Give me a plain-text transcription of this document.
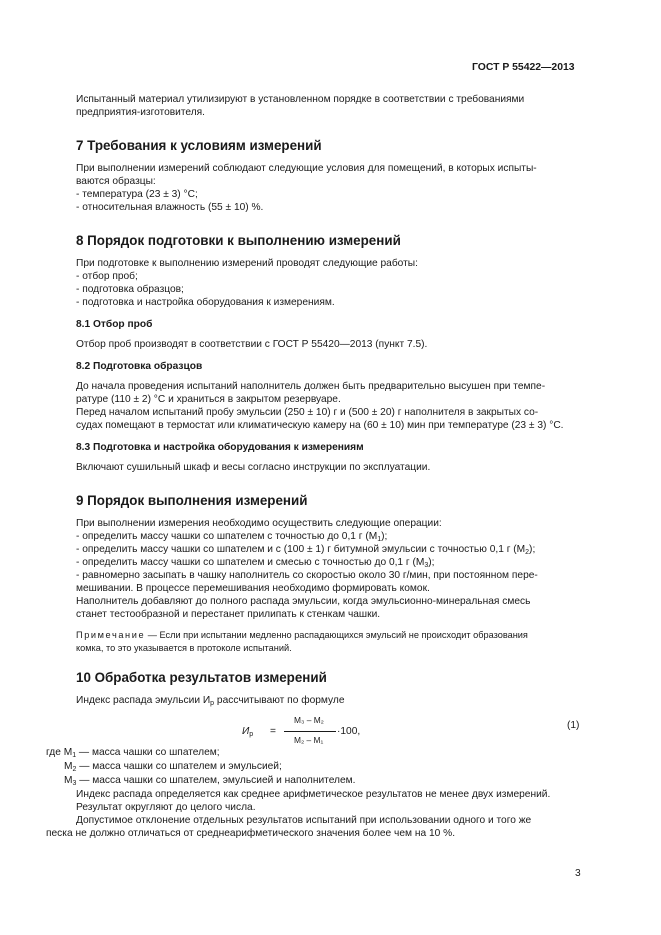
ГОСТ Р 55422—2013
Испытанный материал утилизируют в установленном порядке в соответствии с требованиями
предприятия-изготовителя.
7 Требования к условиям измерений
При выполнении измерений соблюдают следующие условия для помещений, в которых испыты-
ваются образцы:
- температура (23 ± 3) °С;
- относительная влажность (55 ± 10) %.
8 Порядок подготовки к выполнению измерений
При подготовке к выполнению измерений проводят следующие работы:
- отбор проб;
- подготовка образцов;
- подготовка и настройка оборудования к измерениям.
8.1 Отбор проб
Отбор проб производят в соответствии с ГОСТ Р 55420—2013 (пункт 7.5).
8.2 Подготовка образцов
До начала проведения испытаний наполнитель должен быть предварительно высушен при темпе-
ратуре (110 ± 2) °С и храниться в закрытом резервуаре.
Перед началом испытаний пробу эмульсии (250 ± 10) г и (500 ± 20) г наполнителя в закрытых со-
судах помещают в термостат или климатическую камеру на (60 ± 10) мин при температуре (23 ± 3) °С.
8.3 Подготовка и настройка оборудования к измерениям
Включают сушильный шкаф и весы согласно инструкции по эксплуатации.
9 Порядок выполнения измерений
При выполнении измерения необходимо осуществить следующие операции:
- определить массу чашки со шпателем с точностью до 0,1 г $(М_1)$;
- определить массу чашки со шпателем и с (100 ± 1) г битумной эмульсии с точностью 0,1 г $(М_2)$;
- определить массу чашки со шпателем и смесью с точностью до 0,1 г $(М_3)$;
- равномерно засыпать в чашку наполнитель со скоростью около 30 г/мин, при постоянном пере-
мешивании. В процессе перемешивания необходимо формировать комок.
Наполнитель добавляют до полного распада эмульсии, когда эмульсионно-минеральная смесь
станет тестообразной и перестанет прилипать к стенкам чашки.
Примечание — Если при испытании медленно распадающихся эмульсий не происходит образования
комка, то это указывается в протоколе испытаний.
10 Обработка результатов измерений
Индекс распада эмульсии $И_р$ рассчитывают по формуле
$И_р$ =
М₃ – М₂
М₂ – М₁
·100,
(1)
где $М_1$ — масса чашки со шпателем;
$М_2$ — масса чашки со шпателем и эмульсией;
$М_3$ — масса чашки со шпателем, эмульсией и наполнителем.
Индекс распада определяется как среднее арифметическое результатов не менее двух измерений.
Результат округляют до целого числа.
Допустимое отклонение отдельных результатов испытаний при использовании одного и того же
песка не должно отличаться от среднеарифметического значения более чем на 10 %.
3
